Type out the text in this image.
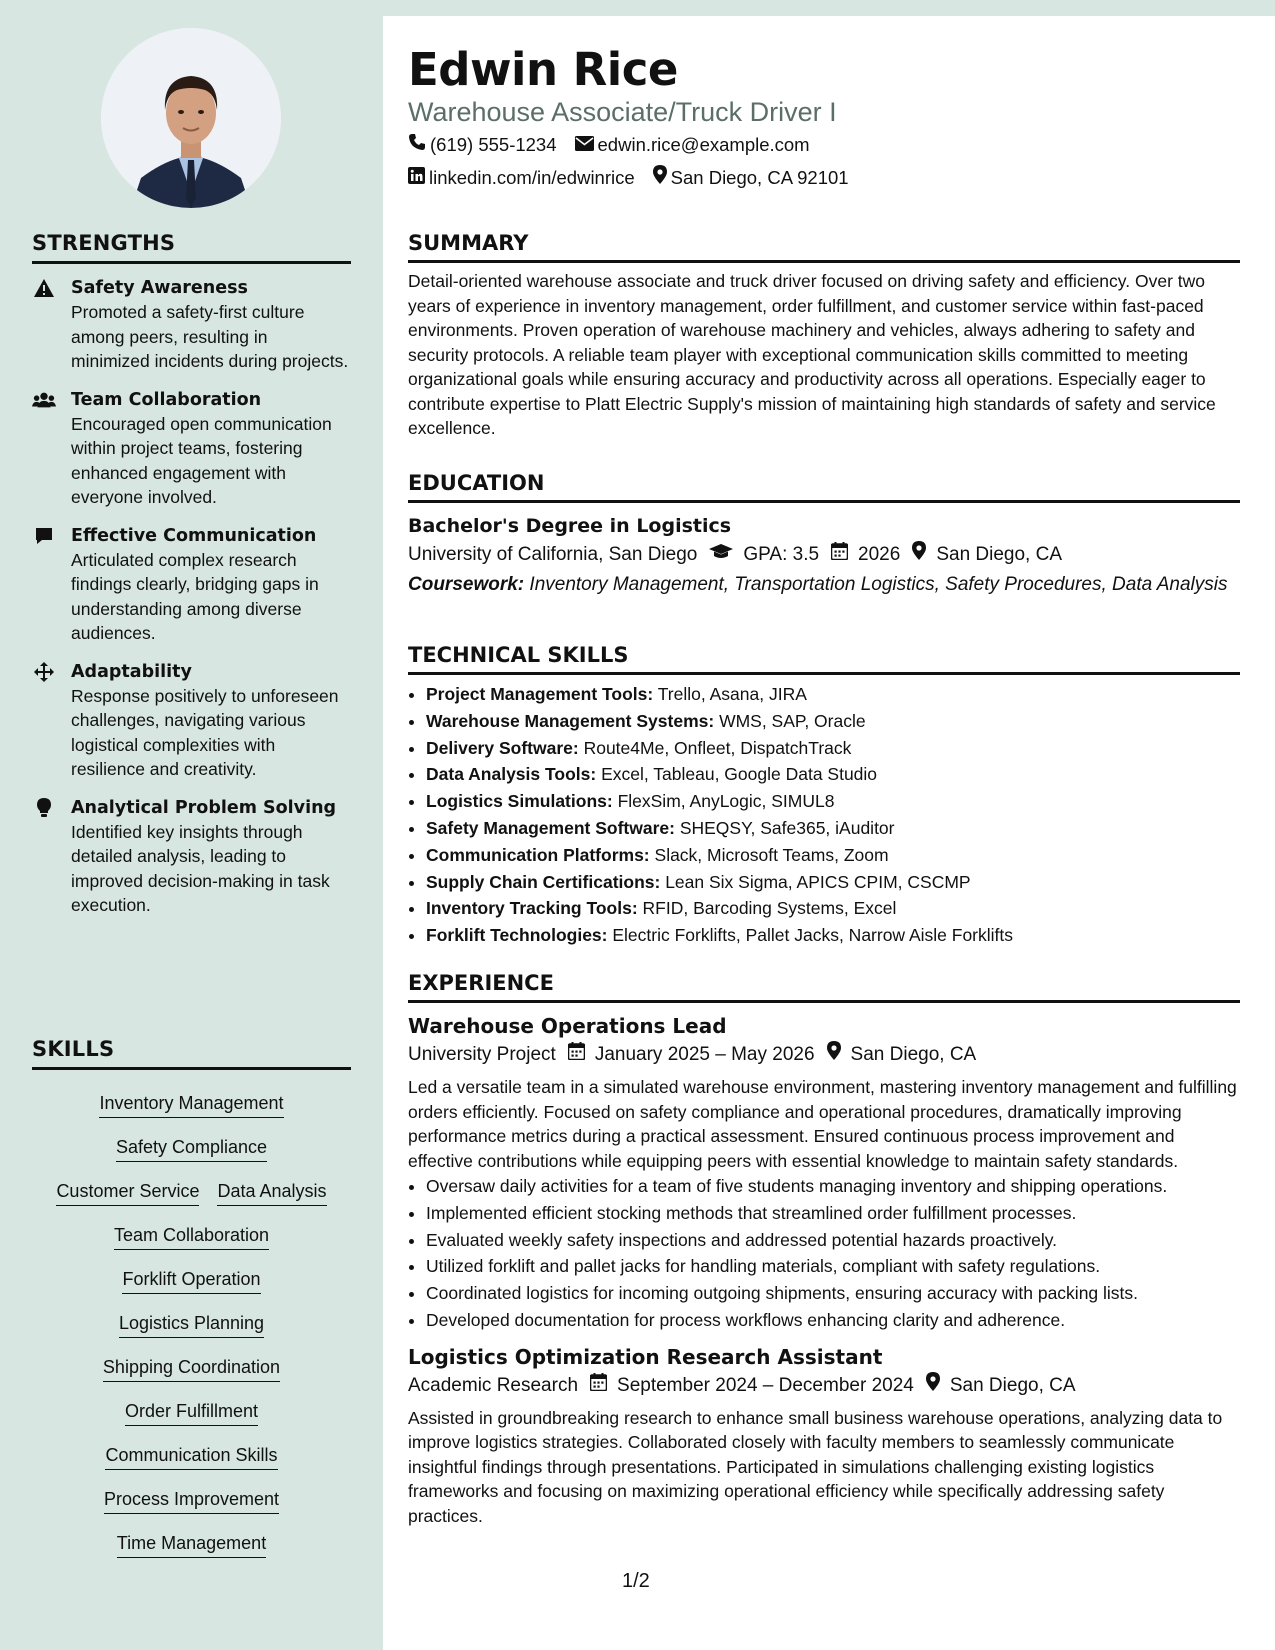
STRENGTHS
Safety Awareness
Promoted a safety-first culture among peers, resulting in minimized incidents during projects.
Team Collaboration
Encouraged open communication within project teams, fostering enhanced engagement with everyone involved.
Effective Communication
Articulated complex research findings clearly, bridging gaps in understanding among diverse audiences.
Adaptability
Response positively to unforeseen challenges, navigating various logistical complexities with resilience and creativity.
Analytical Problem Solving
Identified key insights through detailed analysis, leading to improved decision-making in task execution.
SKILLS
Inventory Management
Safety Compliance
Customer Service Data Analysis
Team Collaboration
Forklift Operation
Logistics Planning
Shipping Coordination
Order Fulfillment
Communication Skills
Process Improvement
Time Management
Edwin Rice
Warehouse Associate/Truck Driver I
(619) 555-1234 edwin.rice@example.com
linkedin.com/in/edwinrice San Diego, CA 92101
SUMMARY
Detail-oriented warehouse associate and truck driver focused on driving safety and efficiency. Over two years of experience in inventory management, order fulfillment, and customer service within fast-paced environments. Proven operation of warehouse machinery and vehicles, always adhering to safety and security protocols. A reliable team player with exceptional communication skills committed to meeting organizational goals while ensuring accuracy and productivity across all operations. Especially eager to contribute expertise to Platt Electric Supply's mission of maintaining high standards of safety and service excellence.
EDUCATION
Bachelor's Degree in Logistics
University of California, San Diego GPA: 3.5 2026 San Diego, CA
Coursework: Inventory Management, Transportation Logistics, Safety Procedures, Data Analysis
TECHNICAL SKILLS
• Project Management Tools: Trello, Asana, JIRA
• Warehouse Management Systems: WMS, SAP, Oracle
• Delivery Software: Route4Me, Onfleet, DispatchTrack
• Data Analysis Tools: Excel, Tableau, Google Data Studio
• Logistics Simulations: FlexSim, AnyLogic, SIMUL8
• Safety Management Software: SHEQSY, Safe365, iAuditor
• Communication Platforms: Slack, Microsoft Teams, Zoom
• Supply Chain Certifications: Lean Six Sigma, APICS CPIM, CSCMP
• Inventory Tracking Tools: RFID, Barcoding Systems, Excel
• Forklift Technologies: Electric Forklifts, Pallet Jacks, Narrow Aisle Forklifts
EXPERIENCE
Warehouse Operations Lead
University Project January 2025 – May 2026 San Diego, CA
Led a versatile team in a simulated warehouse environment, mastering inventory management and fulfilling orders efficiently. Focused on safety compliance and operational procedures, dramatically improving performance metrics during a practical assessment. Ensured continuous process improvement and effective contributions while equipping peers with essential knowledge to maintain safety standards.
• Oversaw daily activities for a team of five students managing inventory and shipping operations.
• Implemented efficient stocking methods that streamlined order fulfillment processes.
• Evaluated weekly safety inspections and addressed potential hazards proactively.
• Utilized forklift and pallet jacks for handling materials, compliant with safety regulations.
• Coordinated logistics for incoming outgoing shipments, ensuring accuracy with packing lists.
• Developed documentation for process workflows enhancing clarity and adherence.
Logistics Optimization Research Assistant
Academic Research September 2024 – December 2024 San Diego, CA
Assisted in groundbreaking research to enhance small business warehouse operations, analyzing data to improve logistics strategies. Collaborated closely with faculty members to seamlessly communicate insightful findings through presentations. Participated in simulations challenging existing logistics frameworks and focusing on maximizing operational efficiency while specifically addressing safety practices.
1/2
